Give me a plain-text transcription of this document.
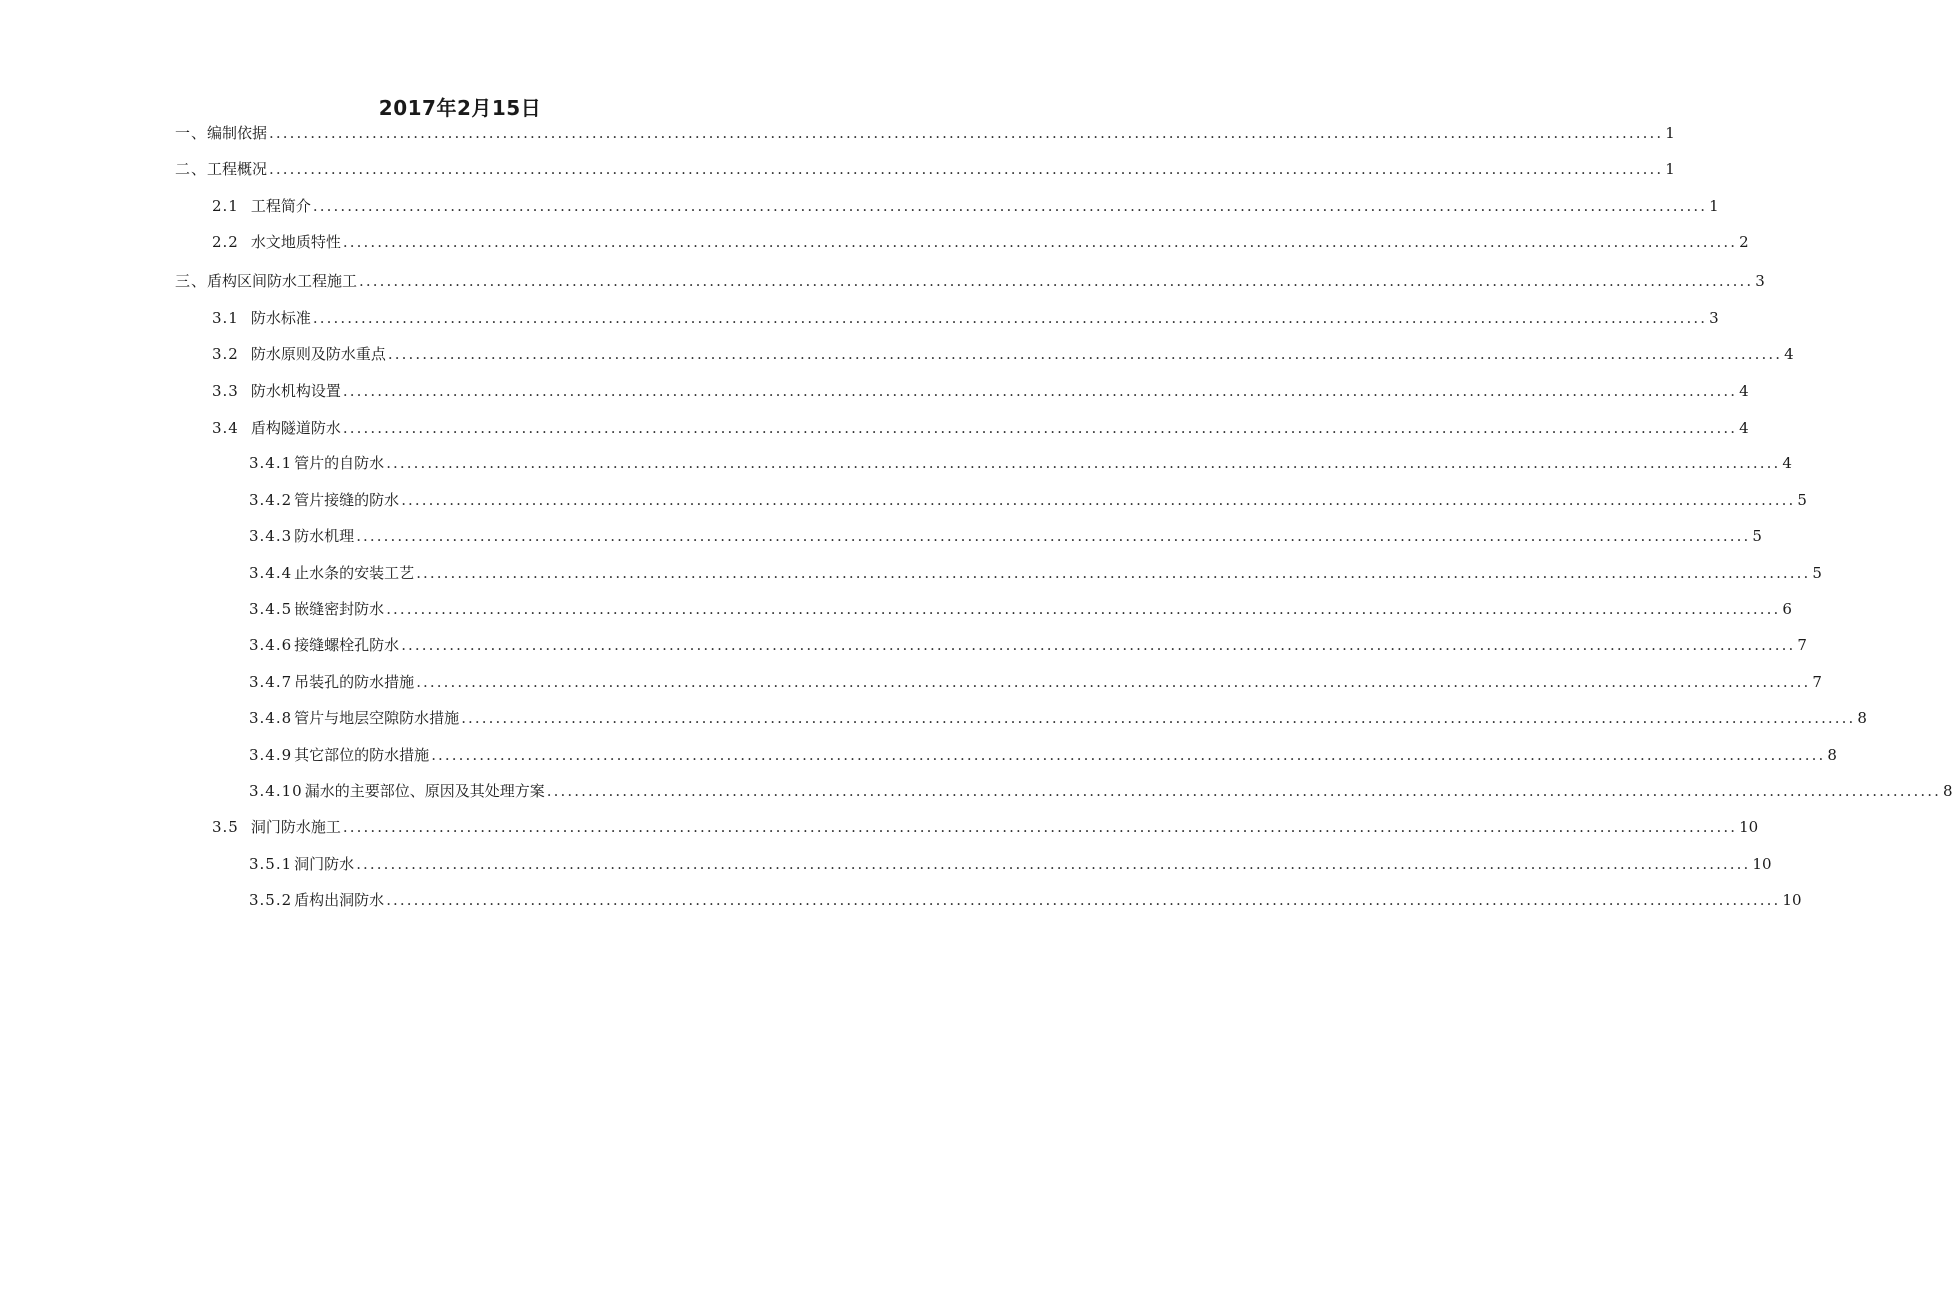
2017年2月15日
一、 编制依据 ........................................................................................................................................................................................................... 1
二、 工程概况 ........................................................................................................................................................................................................... 1
2.1 工程简介 ........................................................................................................................................................................................................... 1
2.2 水文地质特性 ........................................................................................................................................................................................................... 2
三、 盾构区间防水工程施工 ........................................................................................................................................................................................................... 3
3.1 防水标准 ........................................................................................................................................................................................................... 3
3.2 防水原则及防水重点 ........................................................................................................................................................................................................... 4
3.3 防水机构设置 ........................................................................................................................................................................................................... 4
3.4 盾构隧道防水 ........................................................................................................................................................................................................... 4
3.4.1 管片的自防水 ........................................................................................................................................................................................................... 4
3.4.2 管片接缝的防水 ........................................................................................................................................................................................................... 5
3.4.3 防水机理 ........................................................................................................................................................................................................... 5
3.4.4 止水条的安装工艺 ........................................................................................................................................................................................................... 5
3.4.5 嵌缝密封防水 ........................................................................................................................................................................................................... 6
3.4.6 接缝螺栓孔防水 ........................................................................................................................................................................................................... 7
3.4.7 吊装孔的防水措施 ........................................................................................................................................................................................................... 7
3.4.8 管片与地层空隙防水措施 ........................................................................................................................................................................................................... 8
3.4.9 其它部位的防水措施 ........................................................................................................................................................................................................... 8
3.4.10 漏水的主要部位、原因及其处理方案 ........................................................................................................................................................................................................... 8
3.5 洞门防水施工 ........................................................................................................................................................................................................... 10
3.5.1 洞门防水 ........................................................................................................................................................................................................... 10
3.5.2 盾构出洞防水 ........................................................................................................................................................................................................... 10
